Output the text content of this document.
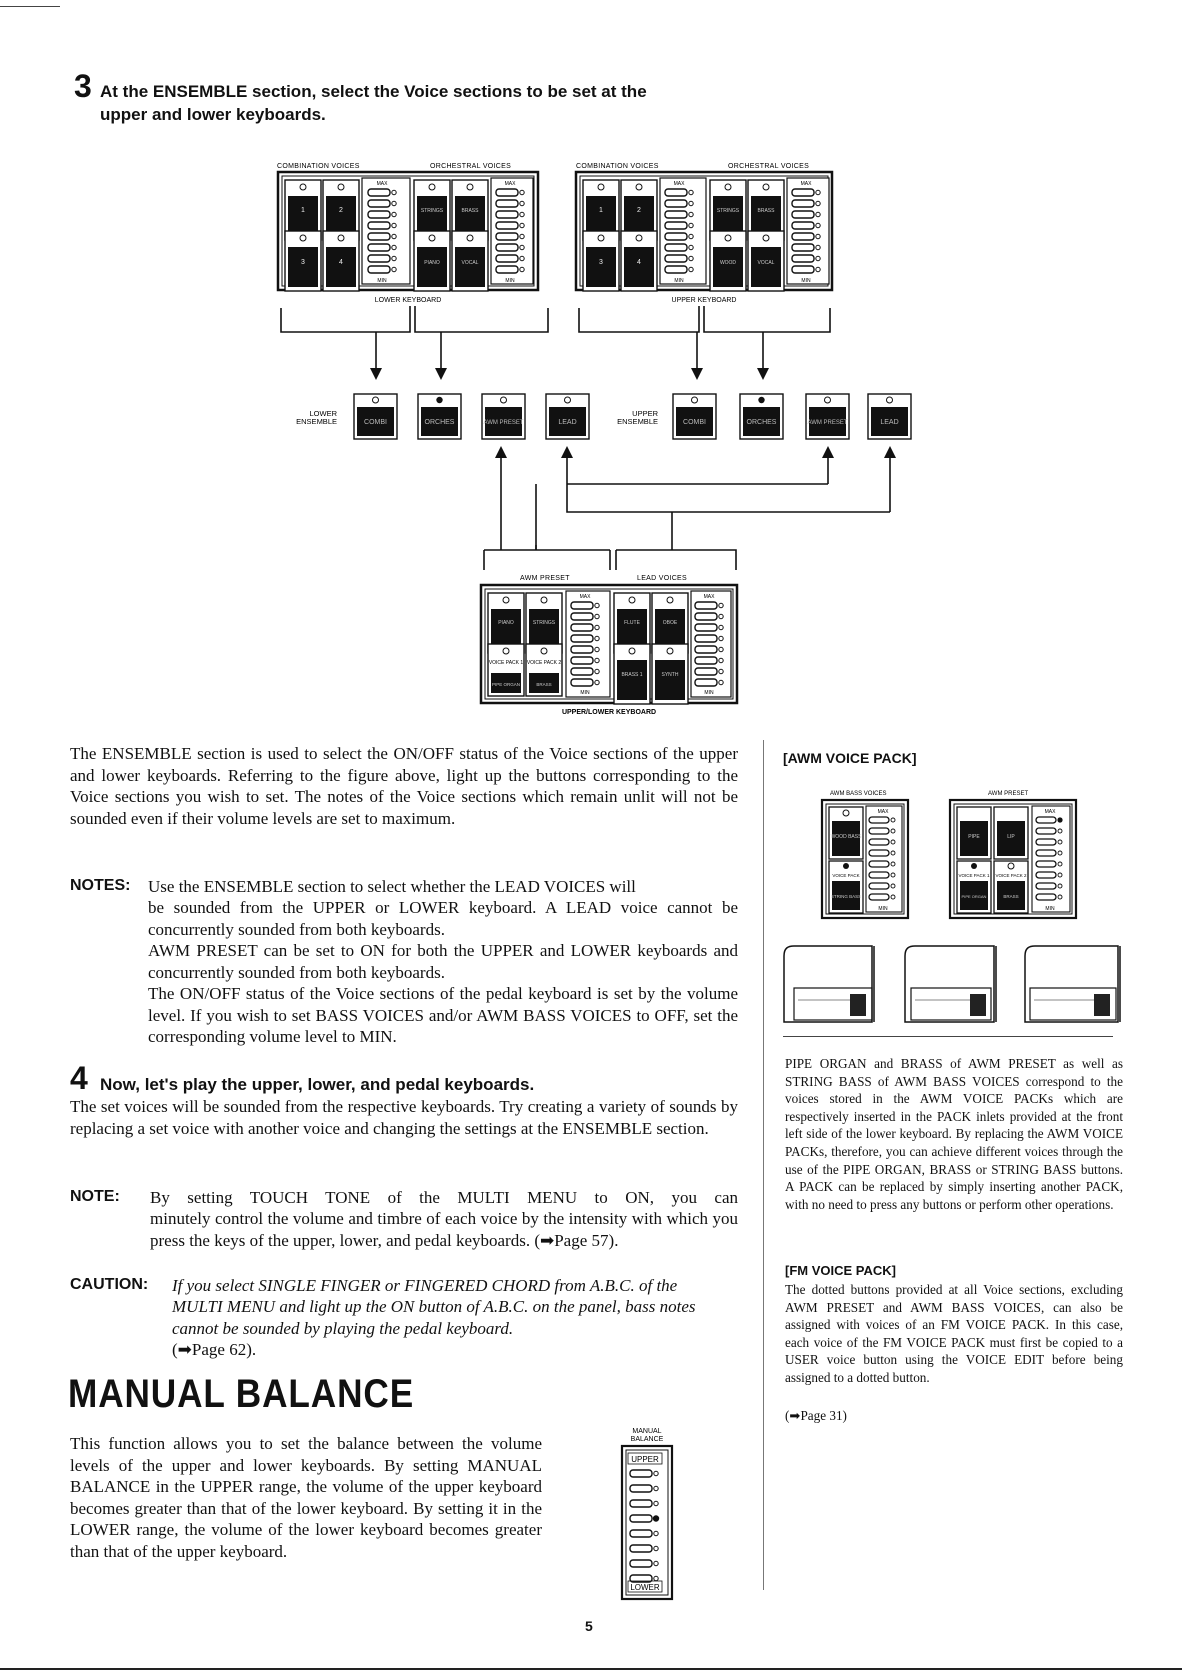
3 At the ENSEMBLE section, select the Voice sections to be set at the
upper and lower keyboards.
COMBINATION VOICES	ORCHESTRAL VOICES
1	2	STRINGS	BRASS
3	4	PIANO	VOCAL
MAX
MIN
MAX
MIN
LOWER KEYBOARD
COMBINATION VOICES	ORCHESTRAL VOICES
1	2	STRINGS	BRASS
3	4	WOOD	VOCAL
MAX
MIN
MAX
MIN
UPPER KEYBOARD
LOWER
ENSEMBLE	COMBI	ORCHES	AWM PRESET	LEAD
UPPER
ENSEMBLE	COMBI	ORCHES	AWM PRESET	LEAD
AWM PRESET	LEAD VOICES
VOICE PACK 1 VOICE PACK 2
PIANO	STRINGS	FLUTE	OBOE
PIPE ORGAN	BRASS
BRASS 1	SYNTH
MAX
MIN
MAX
MIN
UPPER/LOWER KEYBOARD
The ENSEMBLE section is used to select the ON/OFF status of the Voice sections of the upper and lower keyboards. Referring to the figure above, light up the buttons corresponding to the Voice sections you wish to set. The notes of the Voice sections which remain unlit will not be sounded even if their volume levels are set to maximum.
NOTES: Use the ENSEMBLE section to select whether the LEAD VOICES will
be sounded from the UPPER or LOWER keyboard. A LEAD voice cannot be concurrently sounded from both keyboards.
AWM PRESET can be set to ON for both the UPPER and LOWER keyboards and concurrently sounded from both keyboards.
The ON/OFF status of the Voice sections of the pedal keyboard is set by the volume level. If you wish to set BASS VOICES and/or AWM BASS VOICES to OFF, set the corresponding volume level to MIN.
4 Now, let's play the upper, lower, and pedal keyboards.
The set voices will be sounded from the respective keyboards. Try creating a variety of sounds by replacing a set voice with another voice and changing the settings at the ENSEMBLE section.
NOTE: By setting TOUCH TONE of the MULTI MENU to ON, you can
minutely control the volume and timbre of each voice by the intensity with which you press the keys of the upper, lower, and pedal keyboards. (➡Page 57).
CAUTION: If you select SINGLE FINGER or FINGERED CHORD from A.B.C. of the
MULTI MENU and light up the ON button of A.B.C. on the panel, bass notes cannot be sounded by playing the pedal keyboard.
(➡Page 62).
MANUAL BALANCE
This function allows you to set the balance between the volume levels of the upper and lower keyboards. By setting MANUAL BALANCE in the UPPER range, the volume of the upper keyboard becomes greater than that of the lower keyboard. By setting it in the LOWER range, the volume of the lower keyboard becomes greater than that of the upper keyboard.
MANUAL
BALANCE
UPPER
LOWER
[AWM VOICE PACK]
AWM BASS VOICES	AWM PRESET
WOOD BASS
VOICE PACK
STRING BASS
MAX
MIN
PIPE	LIP
VOICE PACK 1 VOICE PACK 2
PIPE ORGAN	BRASS
MAX
MIN
PIPE ORGAN and BRASS of AWM PRESET as well as STRING BASS of AWM BASS VOICES correspond to the voices stored in the AWM VOICE PACKs which are respectively inserted in the PACK inlets provided at the front left side of the lower keyboard. By replacing the AWM VOICE PACKs, therefore, you can achieve different voices through the use of the PIPE ORGAN, BRASS or STRING BASS buttons. A PACK can be replaced by simply inserting another PACK, with no need to press any buttons or perform other operations.
[FM VOICE PACK]
The dotted buttons provided at all Voice sections, excluding AWM PRESET and AWM BASS VOICES, can also be assigned with voices of an FM VOICE PACK. In this case, each voice of the FM VOICE PACK must first be copied to a USER voice button using the VOICE EDIT before being assigned to a dotted button.
(➡Page 31)
5
